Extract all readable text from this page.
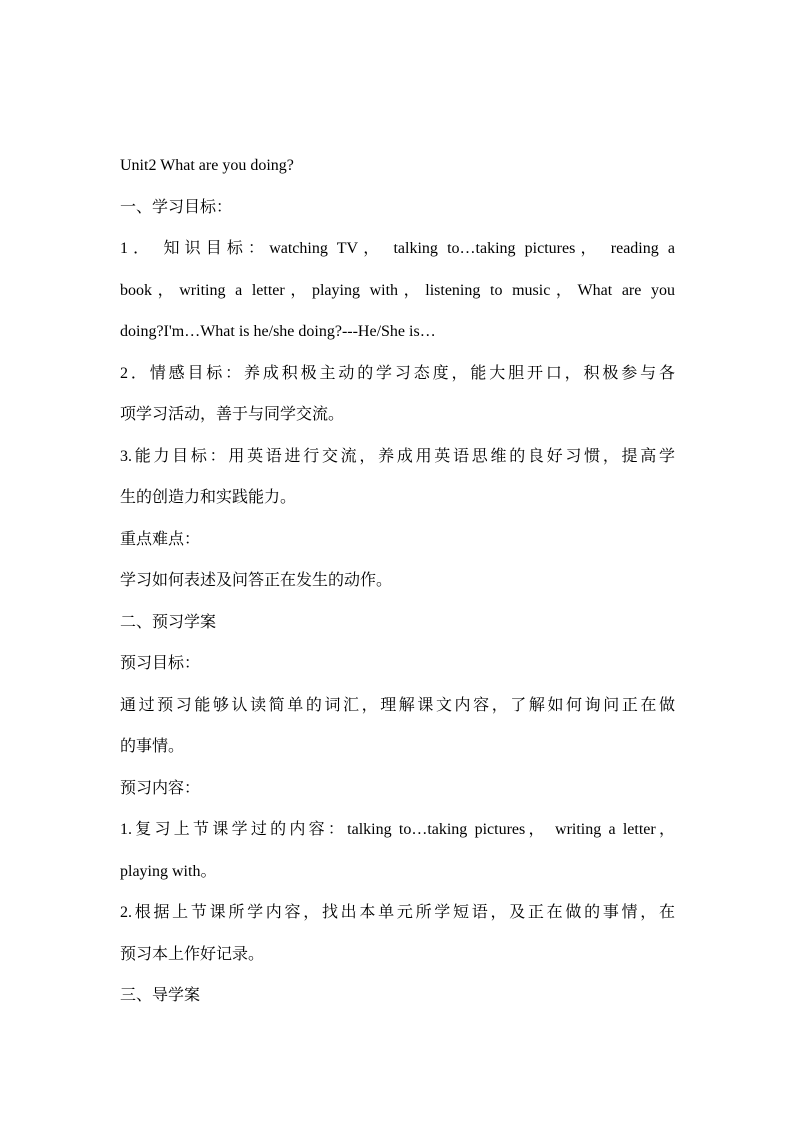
Unit2 What are you doing?
一、学习目标：
1． 知识目标：watching TV， talking to…taking pictures， reading a
book，writing a letter，playing with，listening to music，What are you
doing?I'm…What is he/she doing?---He/She is…
2．情感目标：养成积极主动的学习态度，能大胆开口，积极参与各
项学习活动，善于与同学交流。
3.能力目标：用英语进行交流，养成用英语思维的良好习惯，提高学
生的创造力和实践能力。
重点难点：
学习如何表述及问答正在发生的动作。
二、预习学案
预习目标：
通过预习能够认读简单的词汇，理解课文内容，了解如何询问正在做
的事情。
预习内容：
1.复习上节课学过的内容：talking to…taking pictures， writing a letter，
playing with。
2.根据上节课所学内容，找出本单元所学短语，及正在做的事情，在
预习本上作好记录。
三、导学案
